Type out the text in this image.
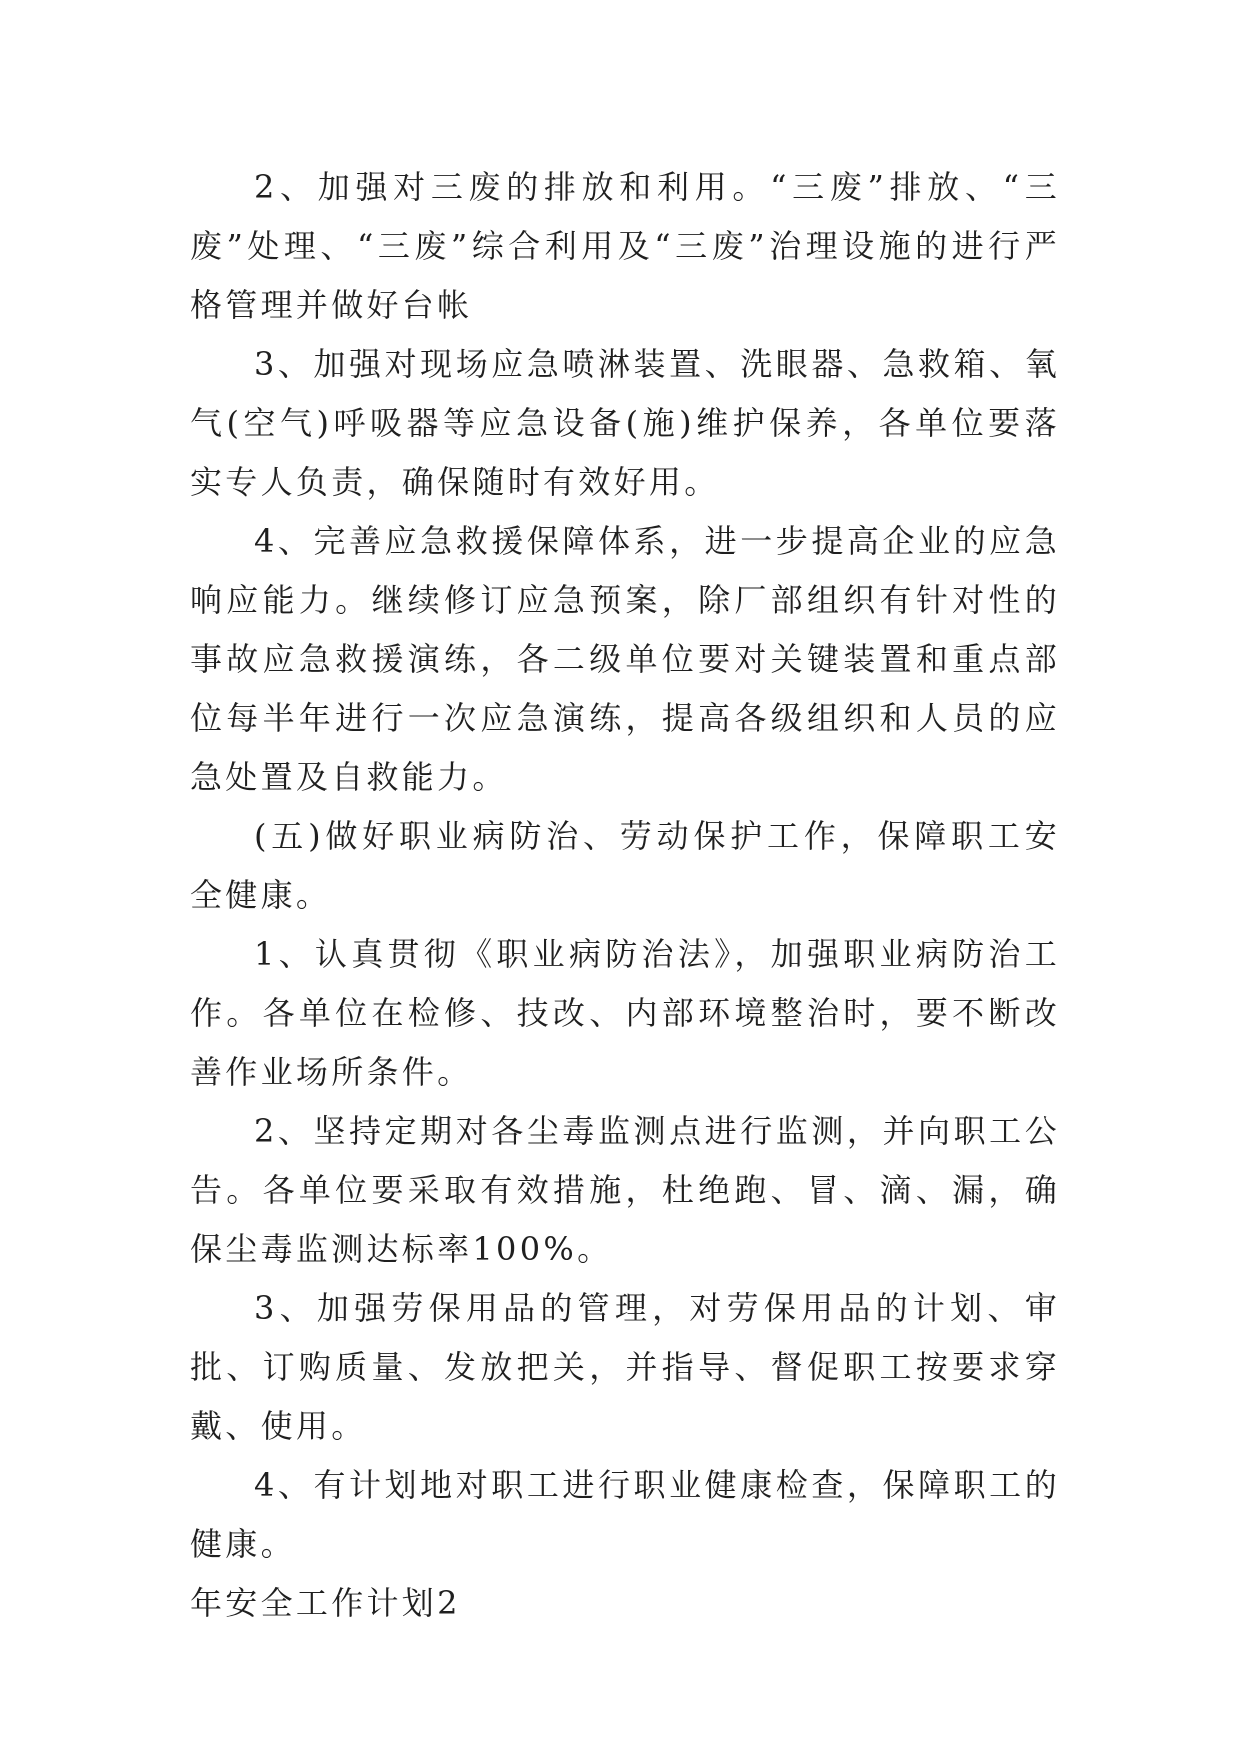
2、加强对三废的排放和利用。“三废”排放、“三废”处理、“三废”综合利用及“三废”治理设施的进行严格管理并做好台帐

3、加强对现场应急喷淋装置、洗眼器、急救箱、氧气(空气)呼吸器等应急设备(施)维护保养，各单位要落实专人负责，确保随时有效好用。

4、完善应急救援保障体系，进一步提高企业的应急响应能力。继续修订应急预案，除厂部组织有针对性的事故应急救援演练，各二级单位要对关键装置和重点部位每半年进行一次应急演练，提高各级组织和人员的应急处置及自救能力。

(五)做好职业病防治、劳动保护工作，保障职工安全健康。

1、认真贯彻《职业病防治法》，加强职业病防治工作。各单位在检修、技改、内部环境整治时，要不断改善作业场所条件。

2、坚持定期对各尘毒监测点进行监测，并向职工公告。各单位要采取有效措施，杜绝跑、冒、滴、漏，确保尘毒监测达标率100%。

3、加强劳保用品的管理，对劳保用品的计划、审批、订购质量、发放把关，并指导、督促职工按要求穿戴、使用。

4、有计划地对职工进行职业健康检查，保障职工的健康。

年安全工作计划2
